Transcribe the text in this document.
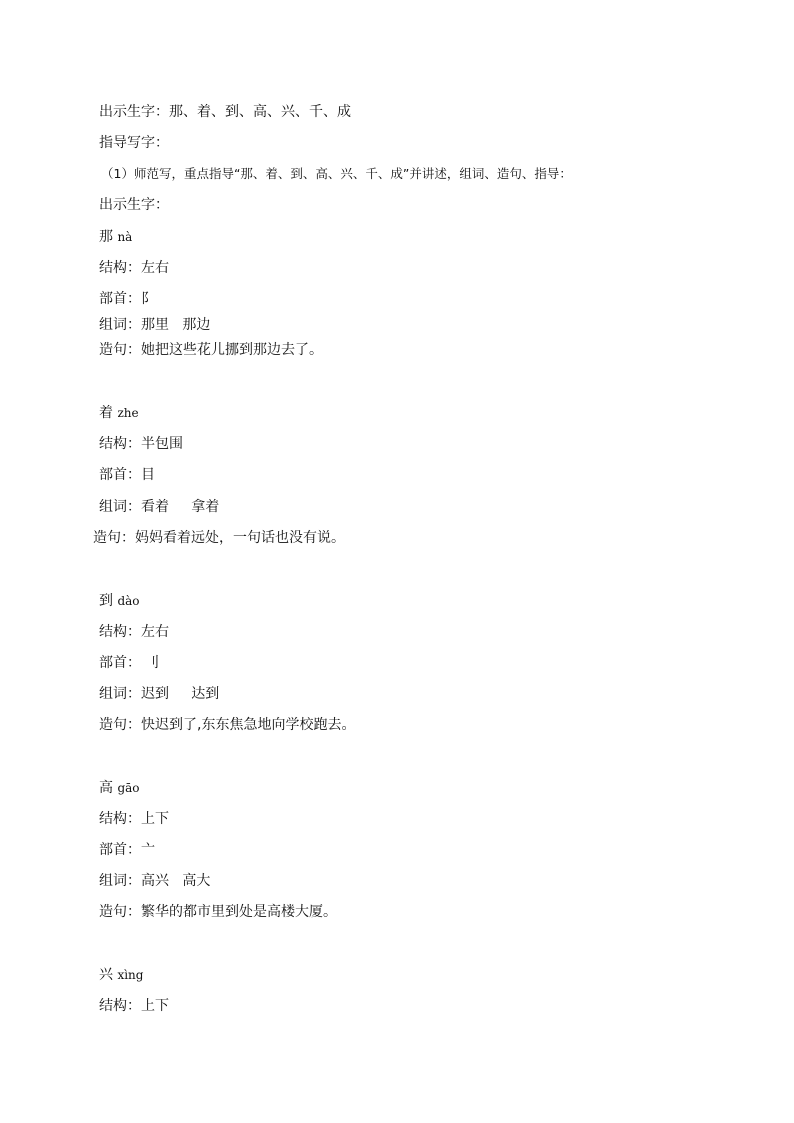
出示生字：那、着、到、高、兴、千、成
指导写字：
（1）师范写，重点指导“那、着、到、高、兴、千、成”并讲述，组词、造句、指导：
出示生字：
那 nà
结构：左右
部首：阝
组词：那里   那边
造句：她把这些花儿挪到那边去了。
着 zhe
结构：半包围
部首：目
组词：看着     拿着
造句：妈妈看着远处，一句话也没有说。
到 dào
结构：左右
部首： 刂
组词：迟到     达到
造句：快迟到了,东东焦急地向学校跑去。
高 gāo
结构：上下
部首：亠
组词：高兴   高大
造句：繁华的都市里到处是高楼大厦。
兴 xìng
结构：上下
